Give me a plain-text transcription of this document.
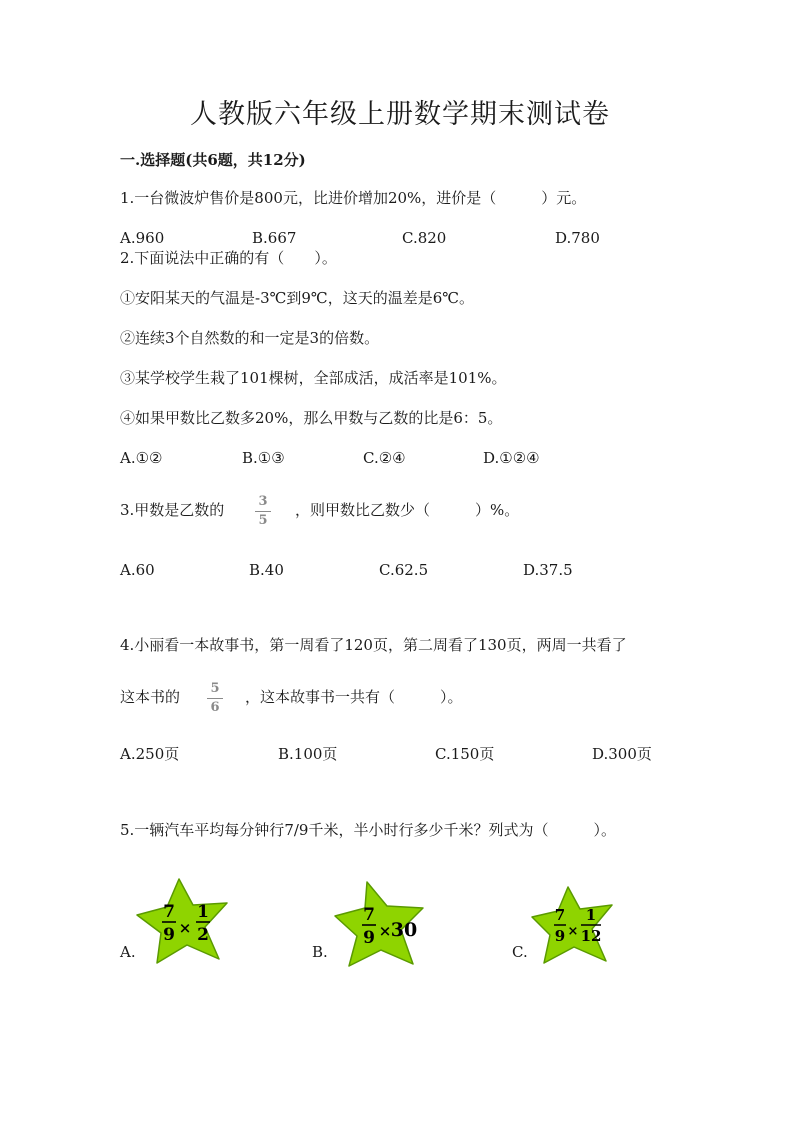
人教版六年级上册数学期末测试卷
一.选择题(共6题，共12分)
1.一台微波炉售价是800元，比进价增加20%，进价是（　　　）元。
A.960	B.667	C.820	D.780
2.下面说法中正确的有（　　）。
①安阳某天的气温是-3℃到9℃，这天的温差是6℃。
②连续3个自然数的和一定是3的倍数。
③某学校学生栽了101棵树，全部成活，成活率是101%。
④如果甲数比乙数多20%，那么甲数与乙数的比是6：5。
A.①②	B.①③	C.②④	D.①②④
3.甲数是乙数的	3
5
，则甲数比乙数少（　　　）%。
A.60	B.40	C.62.5	D.37.5
4.小丽看一本故事书，第一周看了120页，第二周看了130页，两周一共看了
这本书的	5
6
，这本故事书一共有（　　　）。
A.250页	B.100页	C.150页	D.300页
5.一辆汽车平均每分钟行7/9千米，半小时行多少千米？列式为（　　　）。
A.
7
9 ×
1
2
B.
7
9 × 30
C.
7
9 ×
1
12
